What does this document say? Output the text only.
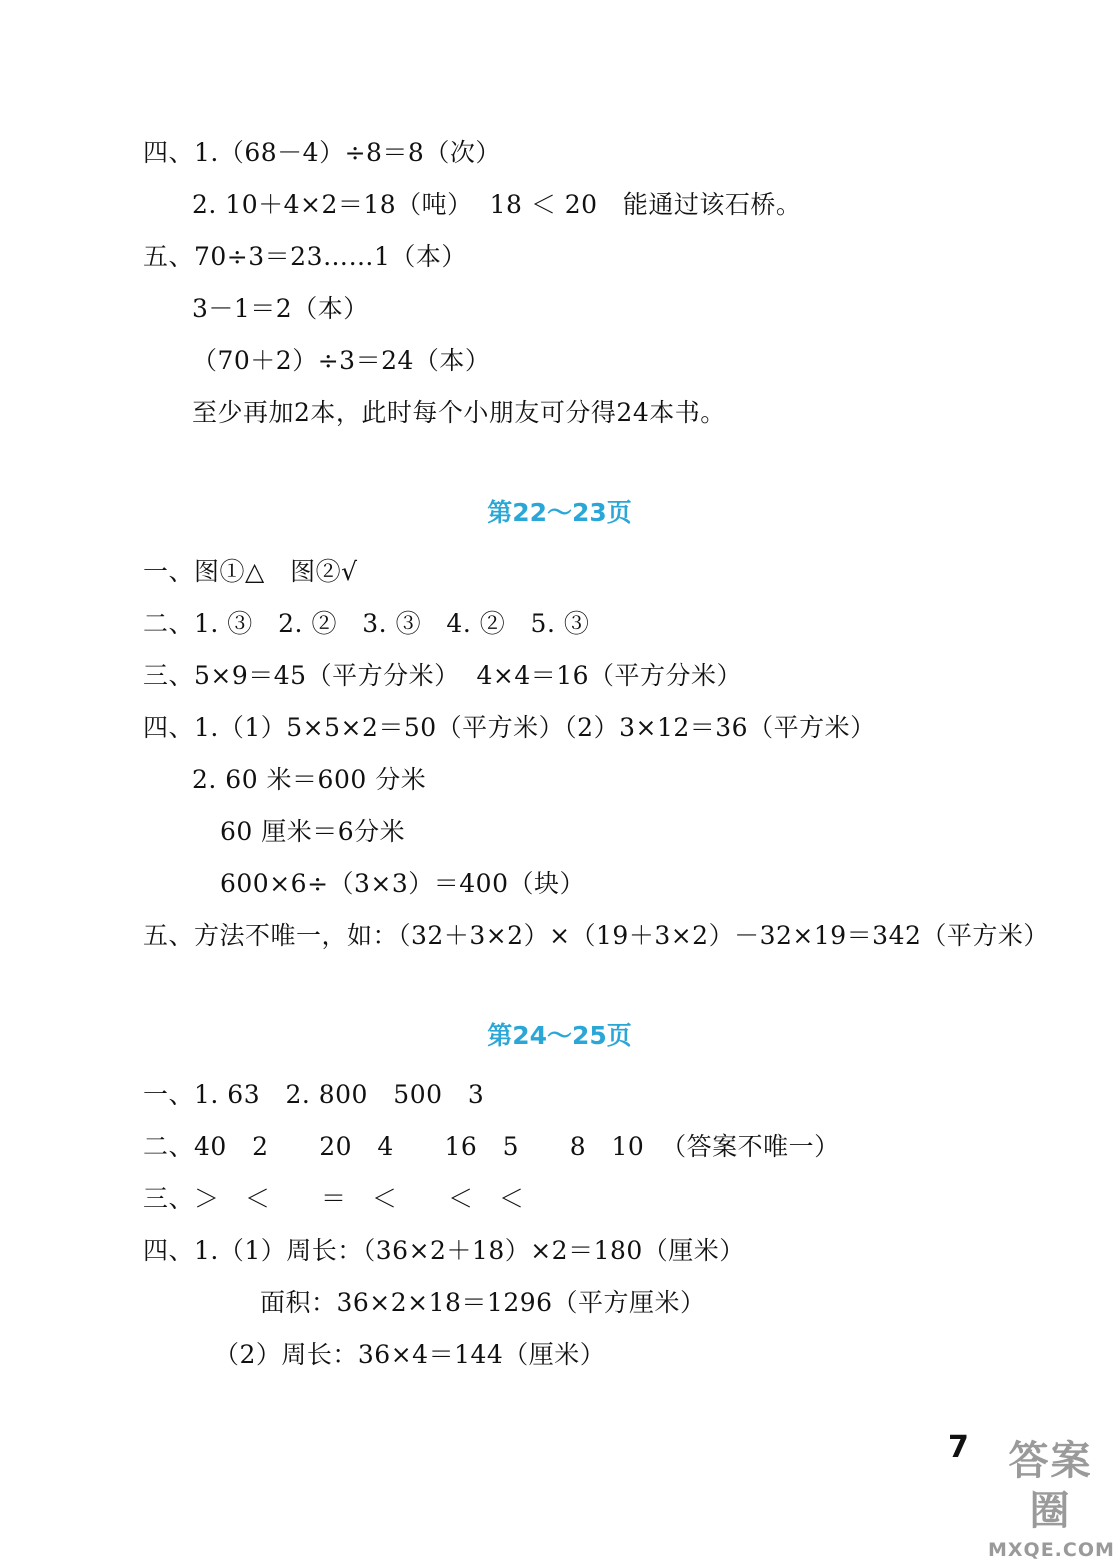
四、1.（68－4）÷8＝8（次）
2. 10＋4×2＝18（吨）  18 ＜ 20   能通过该石桥。
五、70÷3＝23……1（本）
3－1＝2（本）
（70＋2）÷3＝24（本）
至少再加2本，此时每个小朋友可分得24本书。
第22～23页
一、图①△   图②√
二、1. ③   2. ②   3. ③   4. ②   5. ③
三、5×9＝45（平方分米）  4×4＝16（平方分米）
四、1.（1）5×5×2＝50（平方米）（2）3×12＝36（平方米）
2. 60 米＝600 分米
60 厘米＝6分米
600×6÷（3×3）＝400（块）
五、方法不唯一，如：（32＋3×2）×（19＋3×2）－32×19＝342（平方米）
第24～25页
一、1. 63   2. 800   500   3
二、40   2      20   4      16   5      8   10  （答案不唯一）
三、＞   ＜      ＝   ＜      ＜   ＜
四、1.（1）周长：（36×2＋18）×2＝180（厘米）
面积：36×2×18＝1296（平方厘米）
（2）周长：36×4＝144（厘米）
7 答案圈
MXQE.COM
